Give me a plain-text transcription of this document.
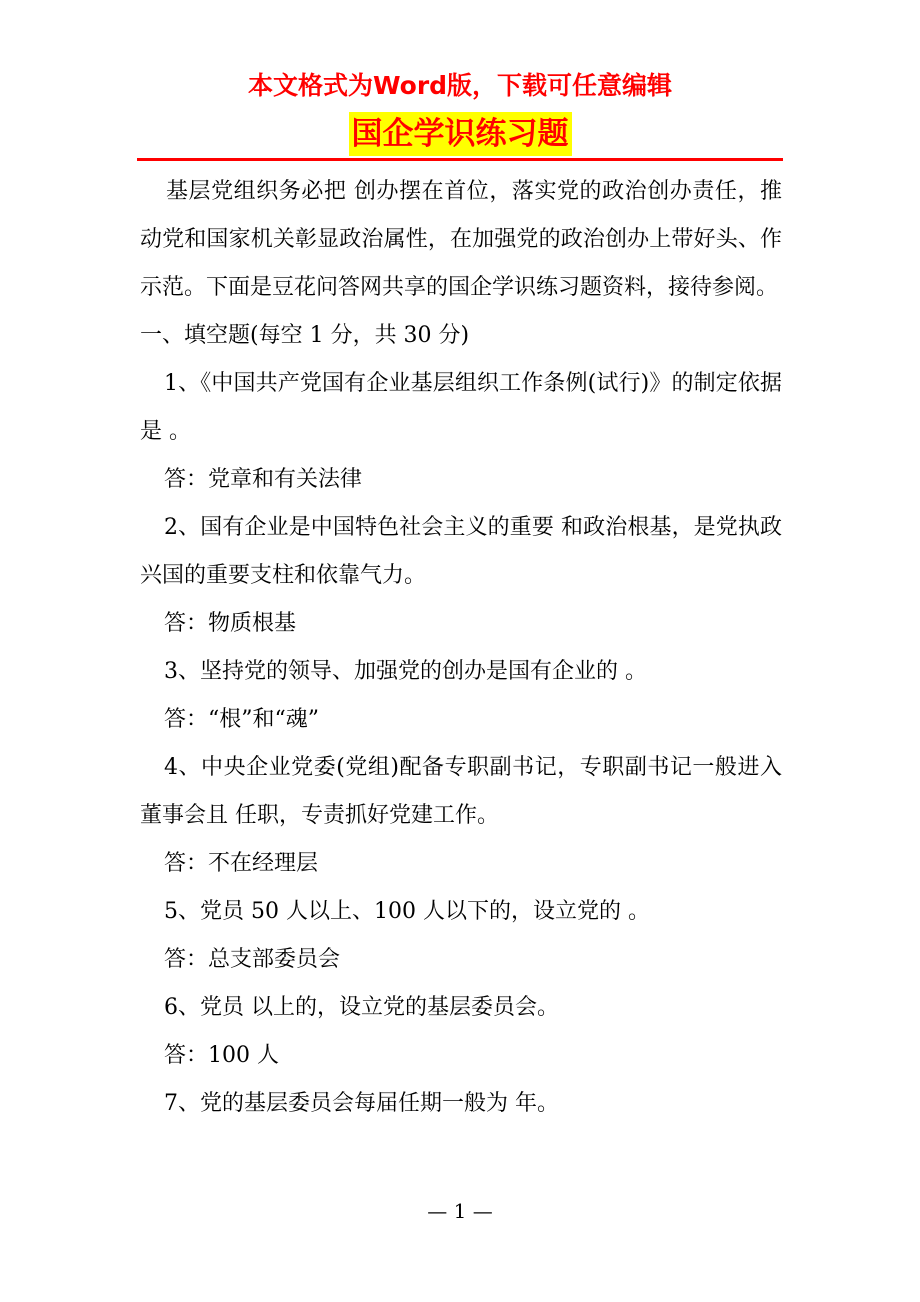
本文格式为Word版，下载可任意编辑
国企学识练习题

基层党组织务必把 创办摆在首位，落实党的政治创办责任，推动党和国家机关彰显政治属性，在加强党的政治创办上带好头、作示范。下面是豆花问答网共享的国企学识练习题资料，接待参阅。

一、填空题(每空 1 分，共 30 分)

1、《中国共产党国有企业基层组织工作条例(试行)》的制定依据是 。

答：党章和有关法律

2、国有企业是中国特色社会主义的重要 和政治根基，是党执政兴国的重要支柱和依靠气力。

答：物质根基

3、坚持党的领导、加强党的创办是国有企业的 。

答：“根”和“魂”

4、中央企业党委(党组)配备专职副书记，专职副书记一般进入董事会且 任职，专责抓好党建工作。

答：不在经理层

5、党员 50 人以上、100 人以下的，设立党的 。

答：总支部委员会

6、党员 以上的，设立党的基层委员会。

答：100 人

7、党的基层委员会每届任期一般为 年。

— 1 —
